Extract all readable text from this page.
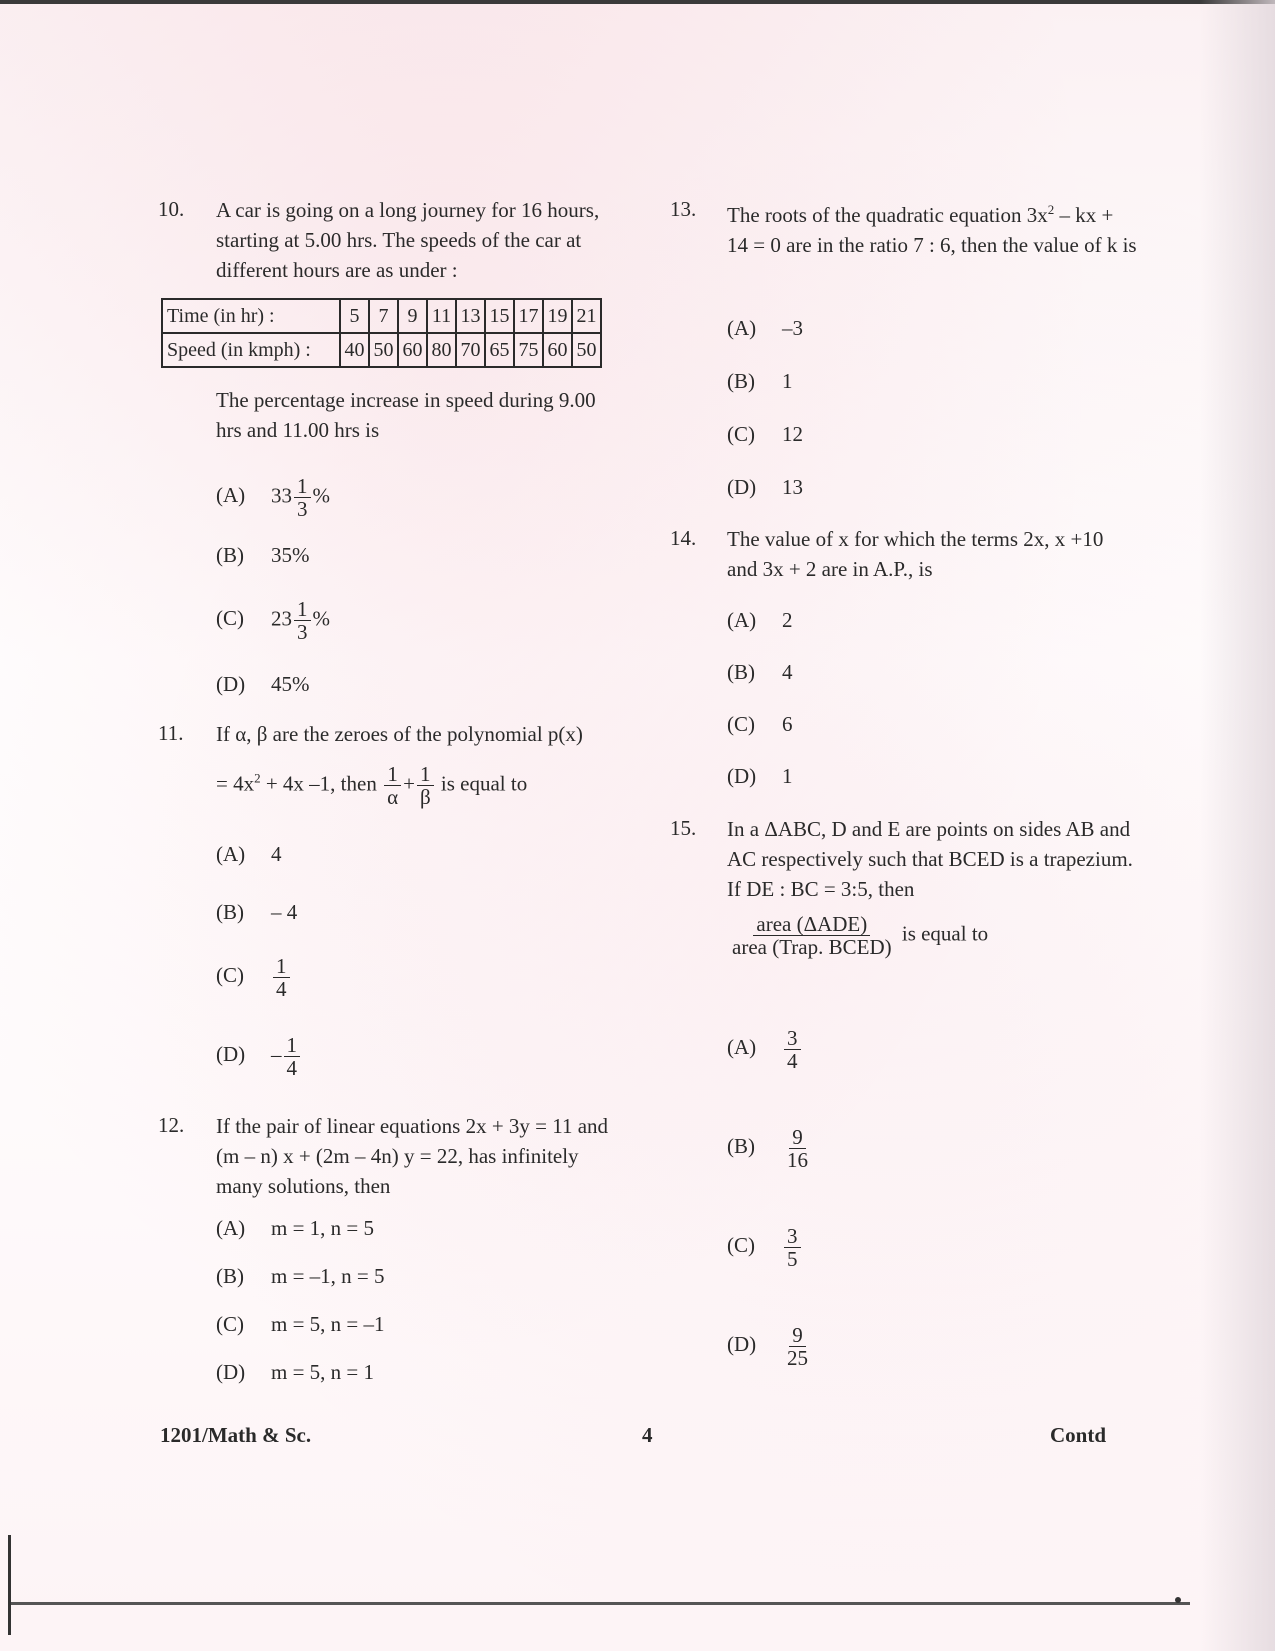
10. A car is going on a long journey for 16 hours, starting at 5.00 hrs. The speeds of the car at different hours are as under :
Time (in hr) :	5	7	9	11	13	15	17	19	21
Speed (in kmph) :	40	50	60	80	70	65	75	60	50
The percentage increase in speed during 9.00 hrs and 11.00 hrs is
(A) $33 \frac{1}{3}$ %
(B) 35%
(C) $23 \frac{1}{3}$ %
(D) 45%
11. If α, β are the zeroes of the polynomial p(x)
= $4x^2 + 4x$ –1, then $\frac{1}{\alpha} + \frac{1}{\beta}$ is equal to
(A) 4
(B) – 4
$(C) \frac{1}{4}$
$(D) - \frac{1}{4}$
12. If the pair of linear equations 2x + 3y = 11 and (m – n) x + (2m – 4n) y = 22, has infinitely many solutions, then
(A) m = 1, n = 5
(B) m = –1, n = 5
(C) m = 5, n = –1
(D) m = 5, n = 1
13. The roots of the quadratic equation $3x^2$ – kx + 14 = 0 are in the ratio 7 : 6, then the value of k is
(A) –3
(B) 1
(C) 12
(D) 13
14. The value of x for which the terms 2x, x +10 and 3x + 2 are in A.P., is
(A) 2
(B) 4
(C) 6
(D) 1
15. In a ΔABC, D and E are points on sides AB and AC respectively such that BCED is a trapezium. If DE : BC = 3:5, then
$\frac{\text{area (ΔADE)}}{\text{area (Trap. BCED)}}$ is equal to
$(A) \frac{3}{4}$
$(B) \frac{9}{16}$
$(C) \frac{3}{5}$
$(D) \frac{9}{25}$
1201/Math & Sc.	4	Contd
